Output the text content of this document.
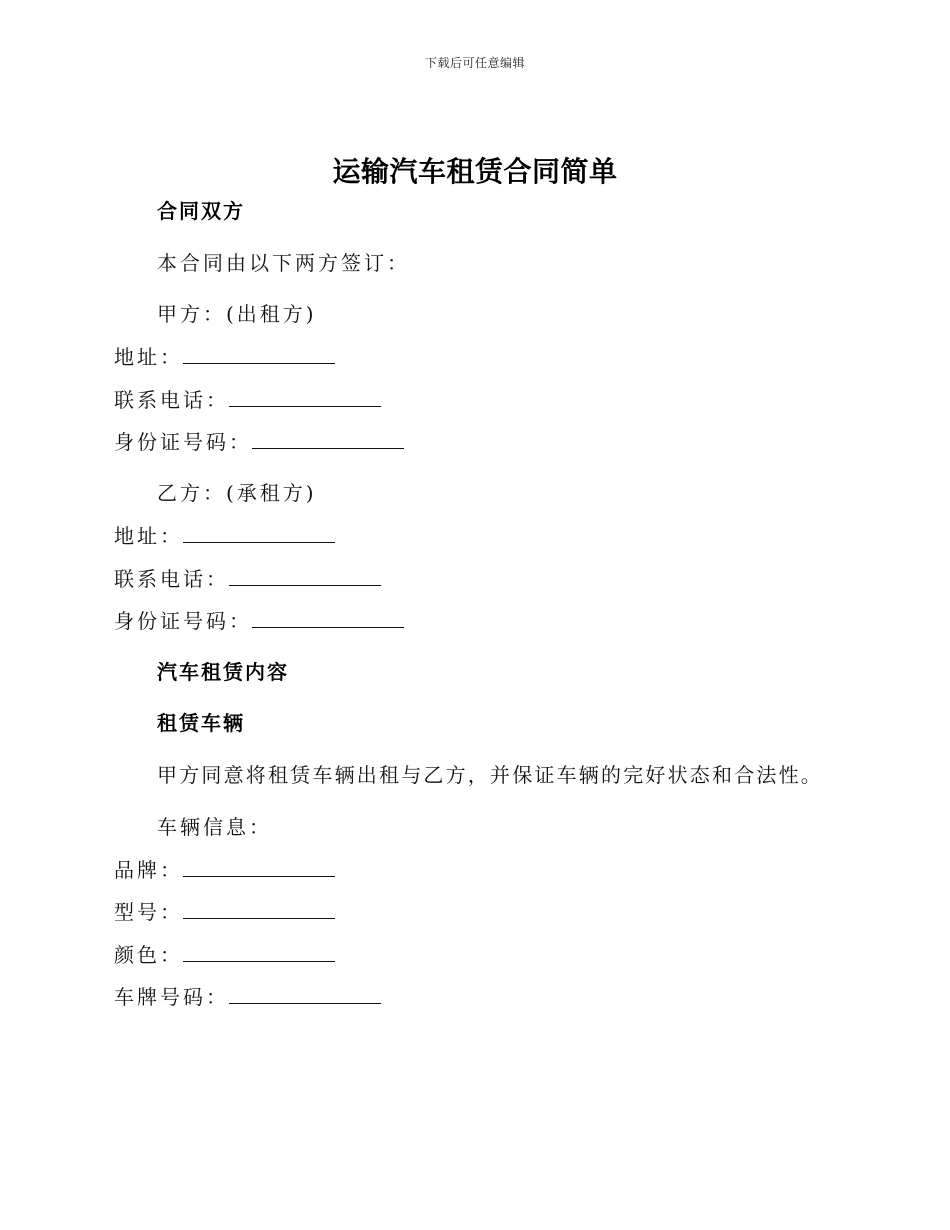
下载后可任意编辑
运输汽车租赁合同简单
合同双方
本合同由以下两方签订：
甲方：(出租方)
地址：
联系电话：
身份证号码：
乙方：(承租方)
地址：
联系电话：
身份证号码：
汽车租赁内容
租赁车辆
甲方同意将租赁车辆出租与乙方，并保证车辆的完好状态和合法性。
车辆信息：
品牌：
型号：
颜色：
车牌号码：
